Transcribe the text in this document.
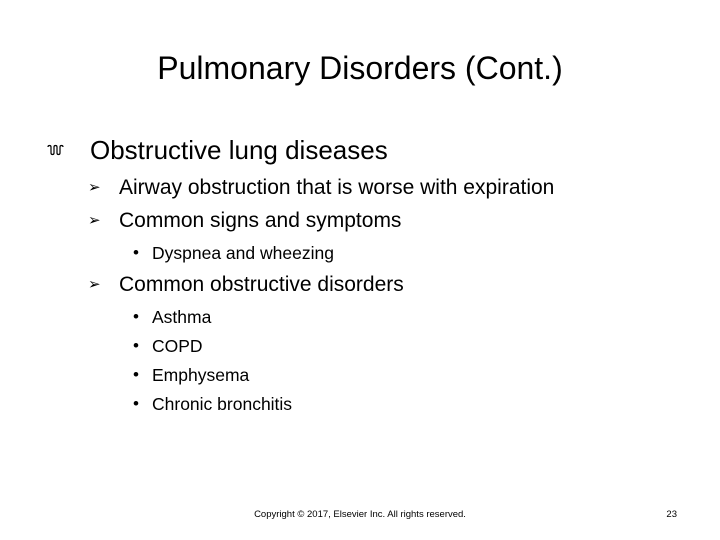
Pulmonary Disorders (Cont.)
Obstructive lung diseases
➢ Airway obstruction that is worse with expiration
➢ Common signs and symptoms
• Dyspnea and wheezing
➢ Common obstructive disorders
• Asthma
• COPD
• Emphysema
• Chronic bronchitis
Copyright © 2017, Elsevier Inc. All rights reserved.	23
